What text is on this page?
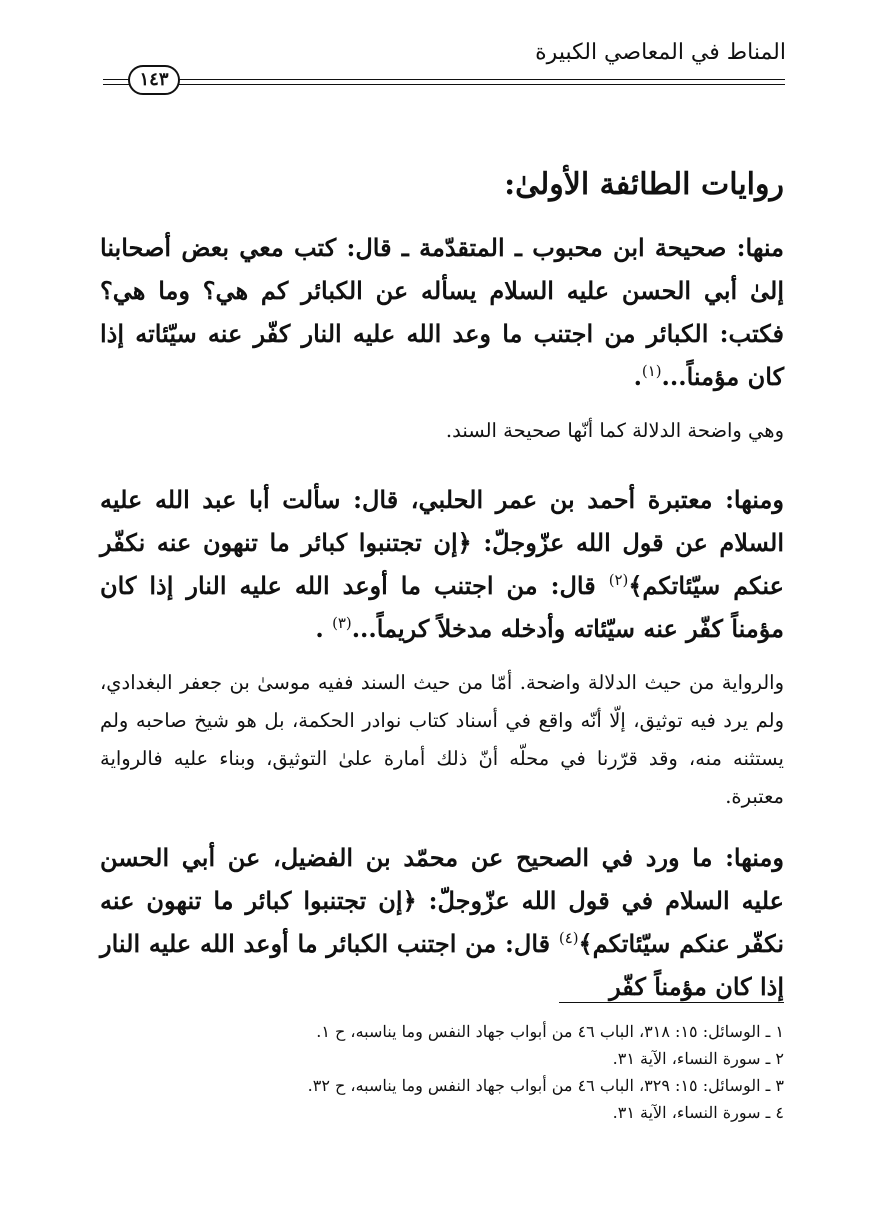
المناط في المعاصي الكبيرة
١٤٣
روايات الطائفة الأولىٰ:

منها: صحيحة ابن محبوب ـ المتقدّمة ـ قال: كتب معي بعض أصحابنا إلىٰ أبي الحسن عليه السلام يسأله عن الكبائر كم هي؟ وما هي؟ فكتب: الكبائر من اجتنب ما وعد الله عليه النار كفّر عنه سيّئاته إذا كان مؤمناً...$^{(١)}$.

وهي واضحة الدلالة كما أنّها صحيحة السند.

ومنها: معتبرة أحمد بن عمر الحلبي، قال: سألت أبا عبد الله عليه السلام عن قول الله عزّوجلّ: ﴿إن تجتنبوا كبائر ما تنهون عنه نكفّر عنكم سيّئاتكم﴾$^{(٢)}$ قال: من اجتنب ما أوعد الله عليه النار إذا كان مؤمناً كفّر عنه سيّئاته وأدخله مدخلاً كريماً...$^{(٣)}$ .

والرواية من حيث الدلالة واضحة. أمّا من حيث السند ففيه موسىٰ بن جعفر البغدادي، ولم يرد فيه توثيق، إلّا أنّه واقع في أسناد كتاب نوادر الحكمة، بل هو شيخ صاحبه ولم يستثنه منه، وقد قرّرنا في محلّه أنّ ذلك أمارة علىٰ التوثيق، وبناء عليه فالرواية معتبرة.

ومنها: ما ورد في الصحيح عن محمّد بن الفضيل، عن أبي الحسن عليه السلام في قول الله عزّوجلّ: ﴿إن تجتنبوا كبائر ما تنهون عنه نكفّر عنكم سيّئاتكم﴾$^{(٤)}$ قال: من اجتنب الكبائر ما أوعد الله عليه النار إذا كان مؤمناً كفّر

١ ـ الوسائل: ١٥: ٣١٨، الباب ٤٦ من أبواب جهاد النفس وما يناسبه، ح ١.

٢ ـ سورة النساء، الآية ٣١.

٣ ـ الوسائل: ١٥: ٣٢٩، الباب ٤٦ من أبواب جهاد النفس وما يناسبه، ح ٣٢.

٤ ـ سورة النساء، الآية ٣١.
